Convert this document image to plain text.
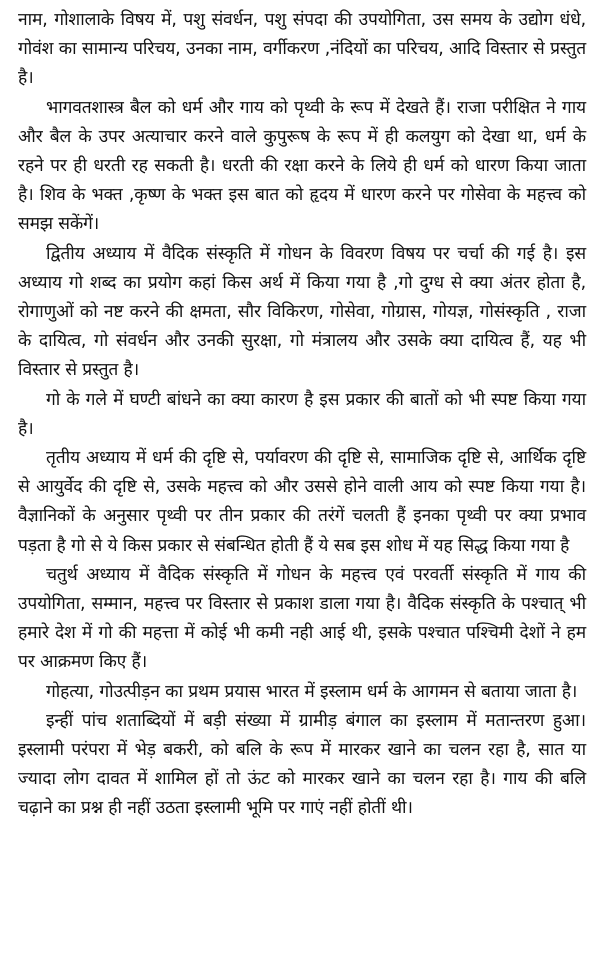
नाम, गोशालाके विषय में, पशु संवर्धन, पशु संपदा की उपयोगिता, उस समय के उद्योग धंधे, गोवंश का सामान्य परिचय, उनका नाम, वर्गीकरण ,नंदियों का परिचय, आदि विस्तार से प्रस्तुत है।

भागवतशास्त्र बैल को धर्म और गाय को पृथ्वी के रूप में देखते हैं। राजा परीक्षित ने गाय और बैल के उपर अत्याचार करने वाले कुपुरूष के रूप में ही कलयुग को देखा था, धर्म के रहने पर ही धरती रह सकती है। धरती की रक्षा करने के लिये ही धर्म को धारण किया जाता है। शिव के भक्त ,कृष्ण के भक्त इस बात को हृदय में धारण करने पर गोसेवा के महत्त्व को समझ सकेंगें।

द्वितीय अध्याय में वैदिक संस्कृति में गोधन के विवरण विषय पर चर्चा की गई है। इस अध्याय गो शब्द का प्रयोग कहां किस अर्थ में किया गया है ,गो दुग्ध से क्या अंतर होता है, रोगाणुओं को नष्ट करने की क्षमता, सौर विकिरण, गोसेवा, गोग्रास, गोयज्ञ, गोसंस्कृति , राजा के दायित्व, गो संवर्धन और उनकी सुरक्षा, गो मंत्रालय और उसके क्या दायित्व हैं, यह भी विस्तार से प्रस्तुत है।

गो के गले में घण्टी बांधने का क्या कारण है इस प्रकार की बातों को भी स्पष्ट किया गया है।

तृतीय अध्याय में धर्म की दृष्टि से, पर्यावरण की दृष्टि से, सामाजिक दृष्टि से, आर्थिक दृष्टि से आयुर्वेद की दृष्टि से, उसके महत्त्व को और उससे होने वाली आय को स्पष्ट किया गया है। वैज्ञानिकों के अनुसार पृथ्वी पर तीन प्रकार की तरंगें चलती हैं इनका पृथ्वी पर क्या प्रभाव पड़ता है गो से ये किस प्रकार से संबन्धित होती हैं ये सब इस शोध में यह सिद्ध किया गया है

चतुर्थ अध्याय में वैदिक संस्कृति में गोधन के महत्त्व एवं परवर्ती संस्कृति में गाय की उपयोगिता, सम्मान, महत्त्व पर विस्तार से प्रकाश डाला गया है। वैदिक संस्कृति के पश्चात् भी हमारे देश में गो की महत्ता में कोई भी कमी नही आई थी, इसके पश्चात पश्चिमी देशों ने हम पर आक्रमण किए हैं।

गोहत्या, गोउत्पीड़न का प्रथम प्रयास भारत में इस्लाम धर्म के आगमन से बताया जाता है।

इन्हीं पांच शताब्दियों में बड़ी संख्या में ग्रामीड़ बंगाल का इस्लाम में मतान्तरण हुआ। इस्लामी परंपरा में भेड़ बकरी, को बलि के रूप में मारकर खाने का चलन रहा है, सात या ज्यादा लोग दावत में शामिल हों तो ऊंट को मारकर खाने का चलन रहा है। गाय की बलि चढ़ाने का प्रश्न ही नहीं उठता इस्लामी भूमि पर गाएं नहीं होतीं थी।
